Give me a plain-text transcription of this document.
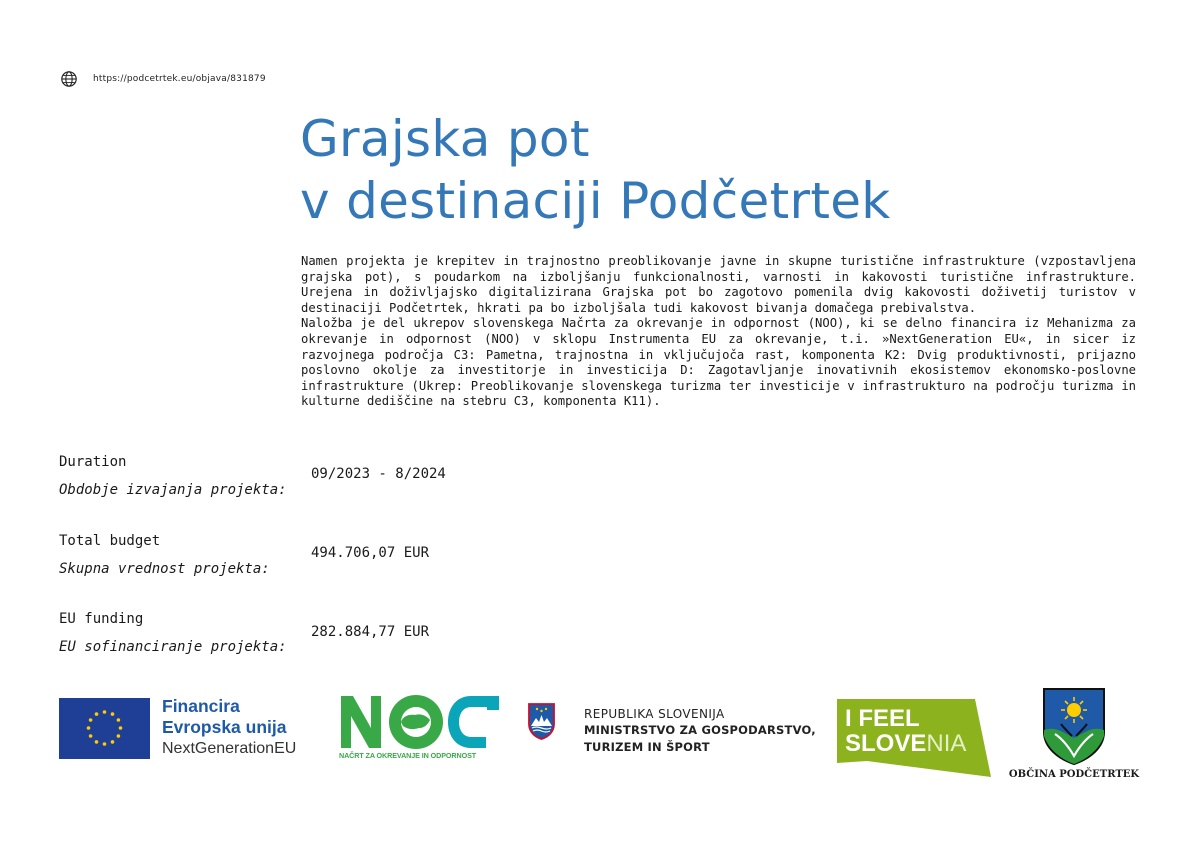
https://podcetrtek.eu/objava/831879
Grajska pot
v destinaciji Podčetrtek

Namen projekta je krepitev in trajnostno preoblikovanje javne in skupne turistične infrastrukture (vzpostavljena grajska pot), s poudarkom na izboljšanju funkcionalnosti, varnosti in kakovosti turistične infrastrukture. Urejena in doživljajsko digitalizirana Grajska pot bo zagotovo pomenila dvig kakovosti doživetij turistov v destinaciji Podčetrtek, hkrati pa bo izboljšala tudi kakovost bivanja domačega prebivalstva.

Naložba je del ukrepov slovenskega Načrta za okrevanje in odpornost (NOO), ki se delno financira iz Mehanizma za okrevanje in odpornost (NOO) v sklopu Instrumenta EU za okrevanje, t.i. »NextGeneration EU«, in sicer iz razvojnega področja C3: Pametna, trajnostna in vključujoča rast, komponenta K2: Dvig produktivnosti, prijazno poslovno okolje za investitorje in investicija D: Zagotavljanje inovativnih ekosistemov ekonomsko-poslovne infrastrukture (Ukrep: Preoblikovanje slovenskega turizma ter investicije v infrastrukturo na področju turizma in kulturne dediščine na stebru C3, komponenta K11).

Duration
Obdobje izvajanja projekta:
09/2023 - 8/2024
Total budget
Skupna vrednost projekta:
494.706,07 EUR
EU funding
EU sofinanciranje projekta:
282.884,77 EUR
Financira
Evropska unija
NextGenerationEU	NAČRT ZA OKREVANJE IN ODPORNOST
REPUBLIKA SLOVENIJA
MINISTRSTVO ZA GOSPODARSTVO,
TURIZEM IN ŠPORT
I FEEL
SLOVENIA
OBČINA PODČETRTEK
